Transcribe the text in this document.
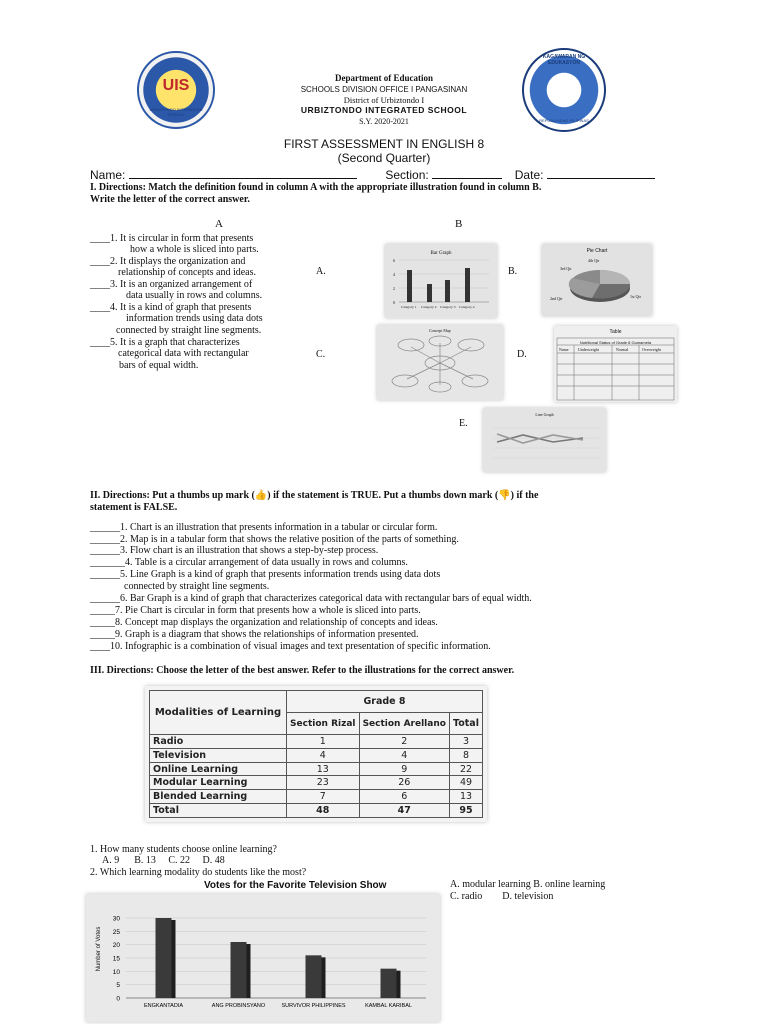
UIS
URBIZTONDO INTEGRATED SCHOOL
KAGAWARAN NG EDUKASYON
REPUBLIKA NG PILIPINAS
Department of Education
SCHOOLS DIVISION OFFICE I PANGASINAN
District of Urbiztondo I
URBIZTONDO INTEGRATED SCHOOL
S.Y. 2020-2021
FIRST ASSESSMENT IN ENGLISH 8
(Second Quarter)
Name:	Section:	Date:
I. Directions: Match the definition found in column A with the appropriate illustration found in column B.
Write the letter of the correct answer.
A	B
____1. It is circular in form that presents
how a whole is sliced into parts.
____2. It displays the organization and
relationship of concepts and ideas.
____3. It is an organized arrangement of
data usually in rows and columns.
____4. It is a kind of graph that presents
information trends using data dots
connected by straight line segments.
____5. It is a graph that characterizes
categorical data with rectangular
bars of equal width.
A.	B.
C.	D.
E.
Bar Graph
6
4
2
0
Category 1 Category 2 Category 3 Category 4
Pie Chart
4th Qtr
3rd Qtr
2nd Qtr	1st Qtr
Concept Map	Table
Nutritional Status of Grade 8 Gumamela
Name Underweight	Normal	Overweight
Line Graph
II. Directions: Put a thumbs up mark (👍) if the statement is TRUE. Put a thumbs down mark (👎) if the
statement is FALSE.
______1. Chart is an illustration that presents information in a tabular or circular form.
______2. Map is in a tabular form that shows the relative position of the parts of something.
______3. Flow chart is an illustration that shows a step-by-step process.
_______4. Table is a circular arrangement of data usually in rows and columns.
______5. Line Graph is a kind of graph that presents information trends using data dots
connected by straight line segments.
______6. Bar Graph is a kind of graph that characterizes categorical data with rectangular bars of equal width.
_____7. Pie Chart is circular in form that presents how a whole is sliced into parts.
_____8. Concept map displays the organization and relationship of concepts and ideas.
_____9. Graph is a diagram that shows the relationships of information presented.
____10. Infographic is a combination of visual images and text presentation of specific information.
III. Directions: Choose the letter of the best answer. Refer to the illustrations for the correct answer.
Modalities of Learning	Grade 8		
	Section Rizal	Section Arellano	Total
Radio	1	2	3
Television	4	4	8
Online Learning	13	9	22
Modular Learning	23	26	49
Blended Learning	7	6	13
Total	48	47	95
1. How many students choose online learning?
A. 9      B. 13     C. 22     D. 48
2. Which learning modality do students like the most?
A. modular learning B. online learning
C. radio        D. television
Votes for the Favorite Television Show
0
5
10
15
20
25
30
ENGKANTADIA	ANG PROBINSYANO	SURVIVOR PHILIPPINES	KAMBAL KARIBAL
Number of Votes
